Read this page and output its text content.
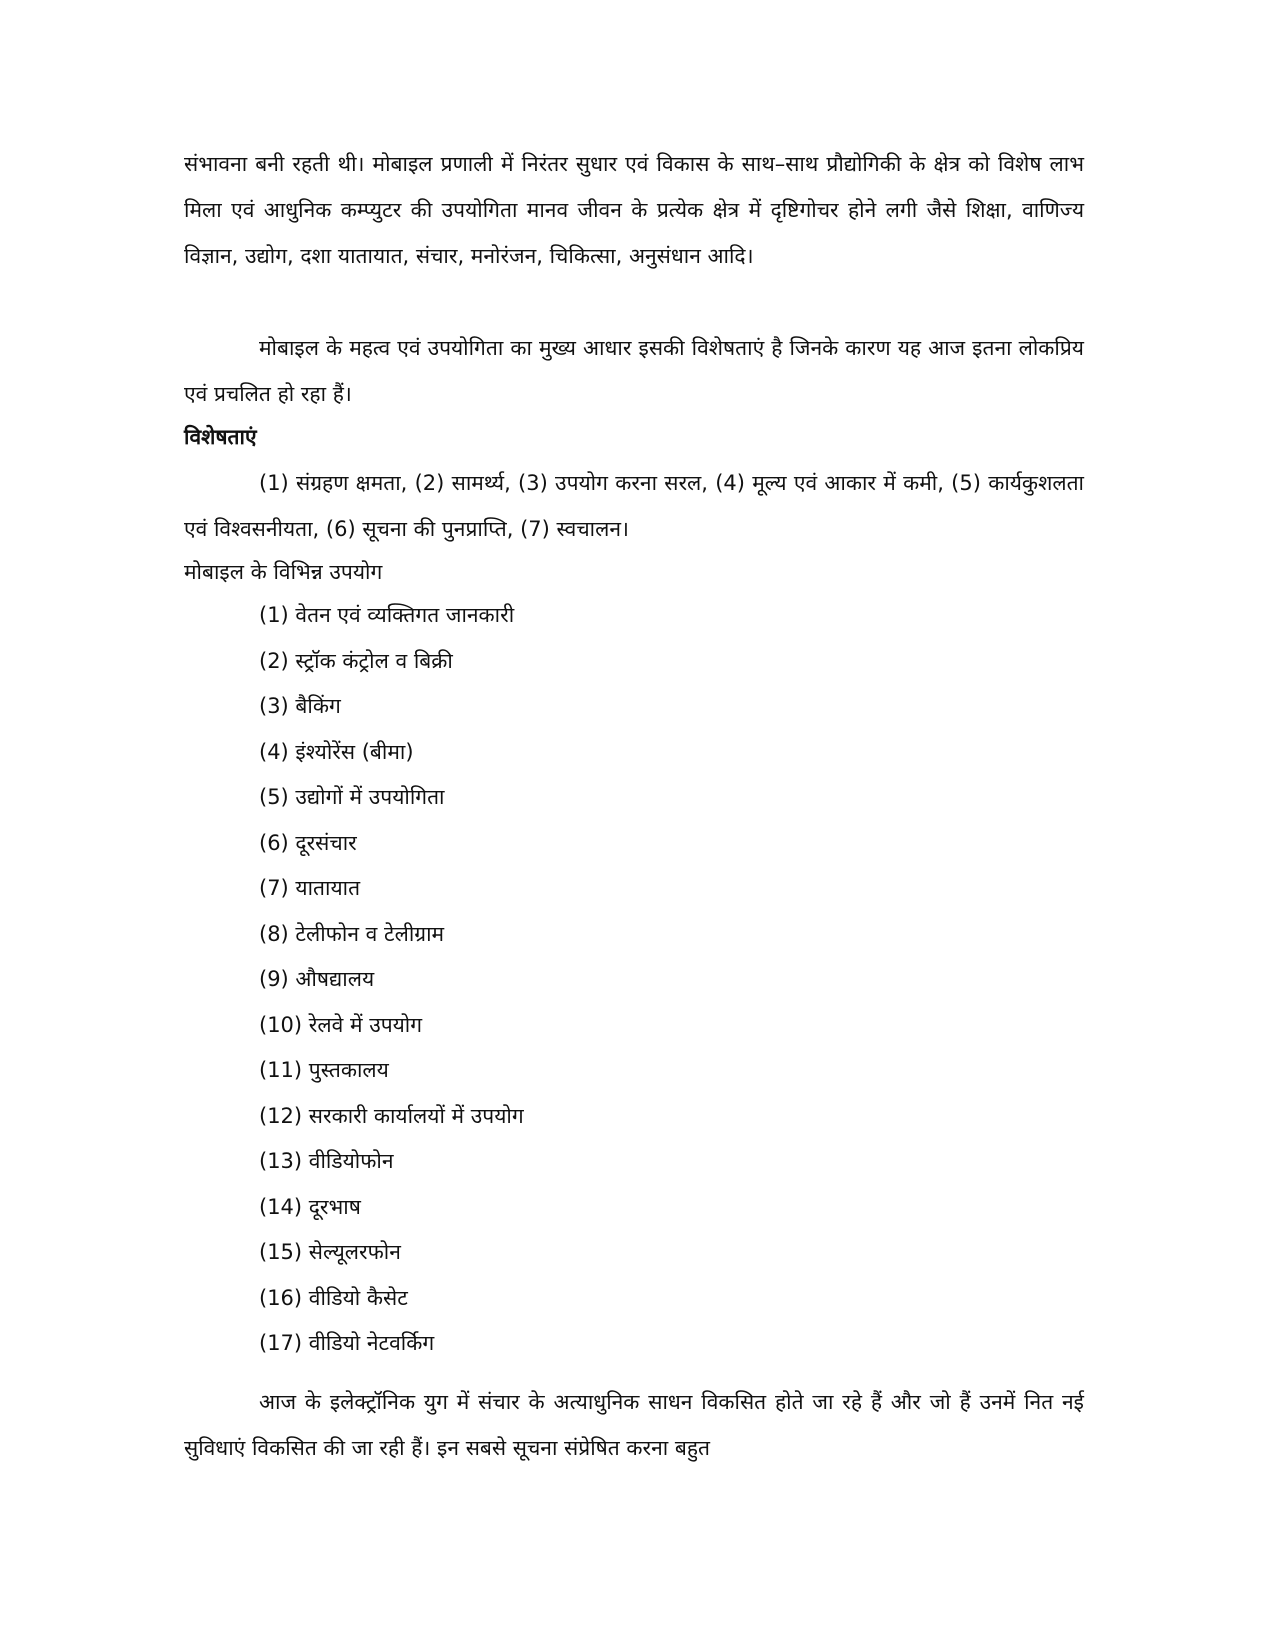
संभावना बनी रहती थी। मोबाइल प्रणाली में निरंतर सुधार एवं विकास के साथ–साथ प्रौद्योगिकी के क्षेत्र को विशेष लाभ मिला एवं आधुनिक कम्प्युटर की उपयोगिता मानव जीवन के प्रत्येक क्षेत्र में दृष्टिगोचर होने लगी जैसे शिक्षा, वाणिज्य विज्ञान, उद्योग, दशा यातायात, संचार, मनोरंजन, चिकित्सा, अनुसंधान आदि।

मोबाइल के महत्व एवं उपयोगिता का मुख्य आधार इसकी विशेषताएं है जिनके कारण यह आज इतना लोकप्रिय एवं प्रचलित हो रहा हैं।

विशेषताएं

(1) संग्रहण क्षमता, (2) सामर्थ्य, (3) उपयोग करना सरल, (4) मूल्य एवं आकार में कमी, (5) कार्यकुशलता एवं विश्वसनीयता, (6) सूचना की पुनप्राप्ति, (7) स्वचालन।

मोबाइल के विभिन्न उपयोग

(1) वेतन एवं व्यक्तिगत जानकारी
(2) स्ट्रॉक कंट्रोल व बिक्री
(3) बैकिंग
(4) इंश्योरेंस (बीमा)
(5) उद्योगों में उपयोगिता
(6) दूरसंचार
(7) यातायात
(8) टेलीफोन व टेलीग्राम
(9) औषद्यालय
(10) रेलवे में उपयोग
(11) पुस्तकालय
(12) सरकारी कार्यालयों में उपयोग
(13) वीडियोफोन
(14) दूरभाष
(15) सेल्यूलरफोन
(16) वीडियो कैसेट
(17) वीडियो नेटवर्किग

आज के इलेक्ट्रॉनिक युग में संचार के अत्याधुनिक साधन विकसित होते जा रहे हैं और जो हैं उनमें नित नई सुविधाएं विकसित की जा रही हैं। इन सबसे सूचना संप्रेषित करना बहुत
